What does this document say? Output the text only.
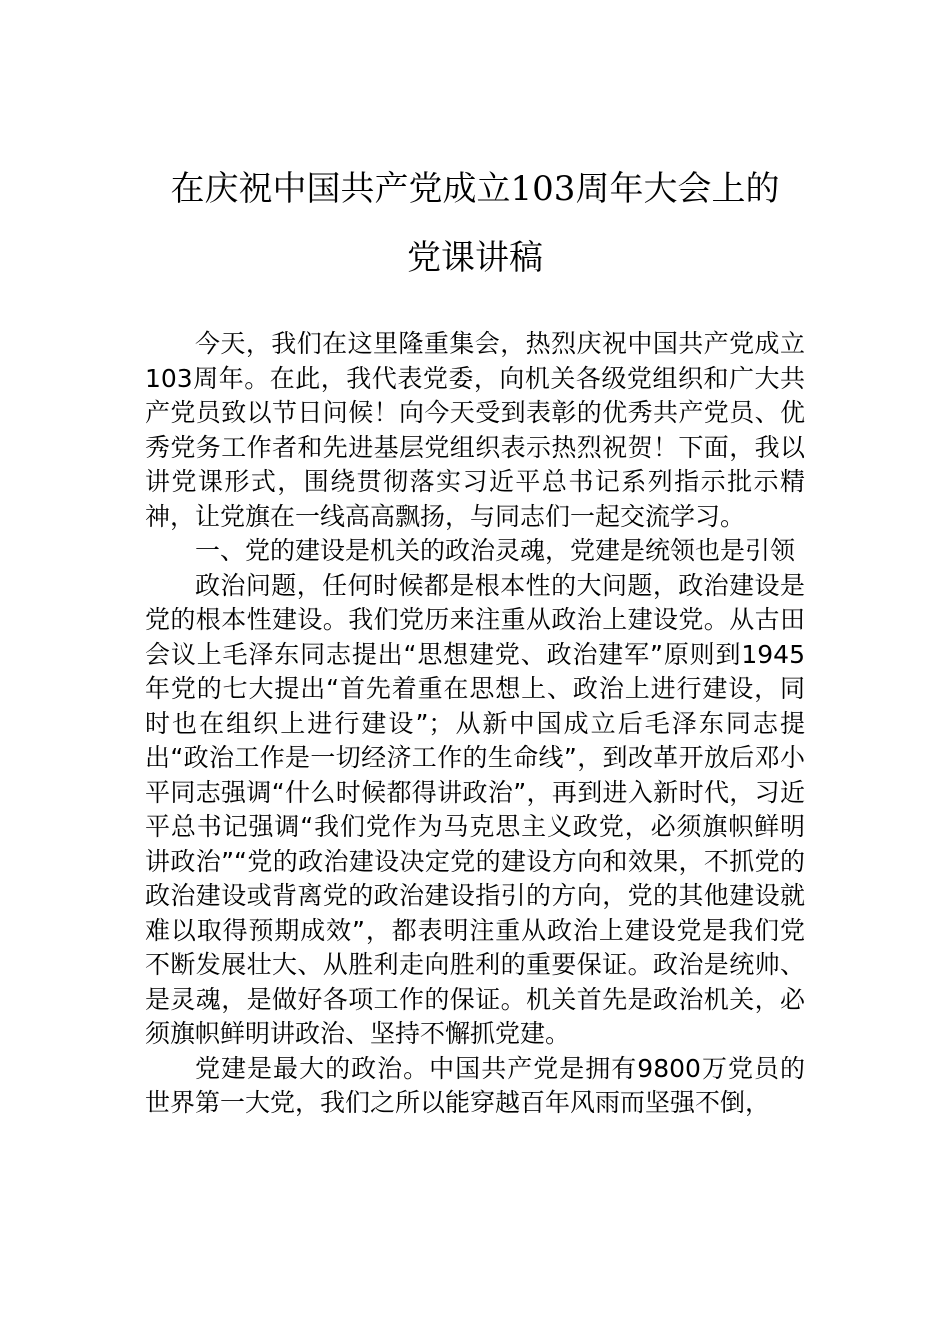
在庆祝中国共产党成立103周年大会上的
党课讲稿

今天，我们在这里隆重集会，热烈庆祝中国共产党成立103周年。在此，我代表党委，向机关各级党组织和广大共产党员致以节日问候！向今天受到表彰的优秀共产党员、优秀党务工作者和先进基层党组织表示热烈祝贺！下面，我以讲党课形式，围绕贯彻落实习近平总书记系列指示批示精神，让党旗在一线高高飘扬，与同志们一起交流学习。

一、党的建设是机关的政治灵魂，党建是统领也是引领

政治问题，任何时候都是根本性的大问题，政治建设是党的根本性建设。我们党历来注重从政治上建设党。从古田会议上毛泽东同志提出“思想建党、政治建军”原则到1945年党的七大提出“首先着重在思想上、政治上进行建设，同时也在组织上进行建设”；从新中国成立后毛泽东同志提出“政治工作是一切经济工作的生命线”，到改革开放后邓小平同志强调“什么时候都得讲政治”，再到进入新时代，习近平总书记强调“我们党作为马克思主义政党，必须旗帜鲜明讲政治”“党的政治建设决定党的建设方向和效果，不抓党的政治建设或背离党的政治建设指引的方向，党的其他建设就难以取得预期成效”，都表明注重从政治上建设党是我们党不断发展壮大、从胜利走向胜利的重要保证。政治是统帅、是灵魂，是做好各项工作的保证。机关首先是政治机关，必须旗帜鲜明讲政治、坚持不懈抓党建。

党建是最大的政治。中国共产党是拥有9800万党员的世界第一大党，我们之所以能穿越百年风雨而坚强不倒，
